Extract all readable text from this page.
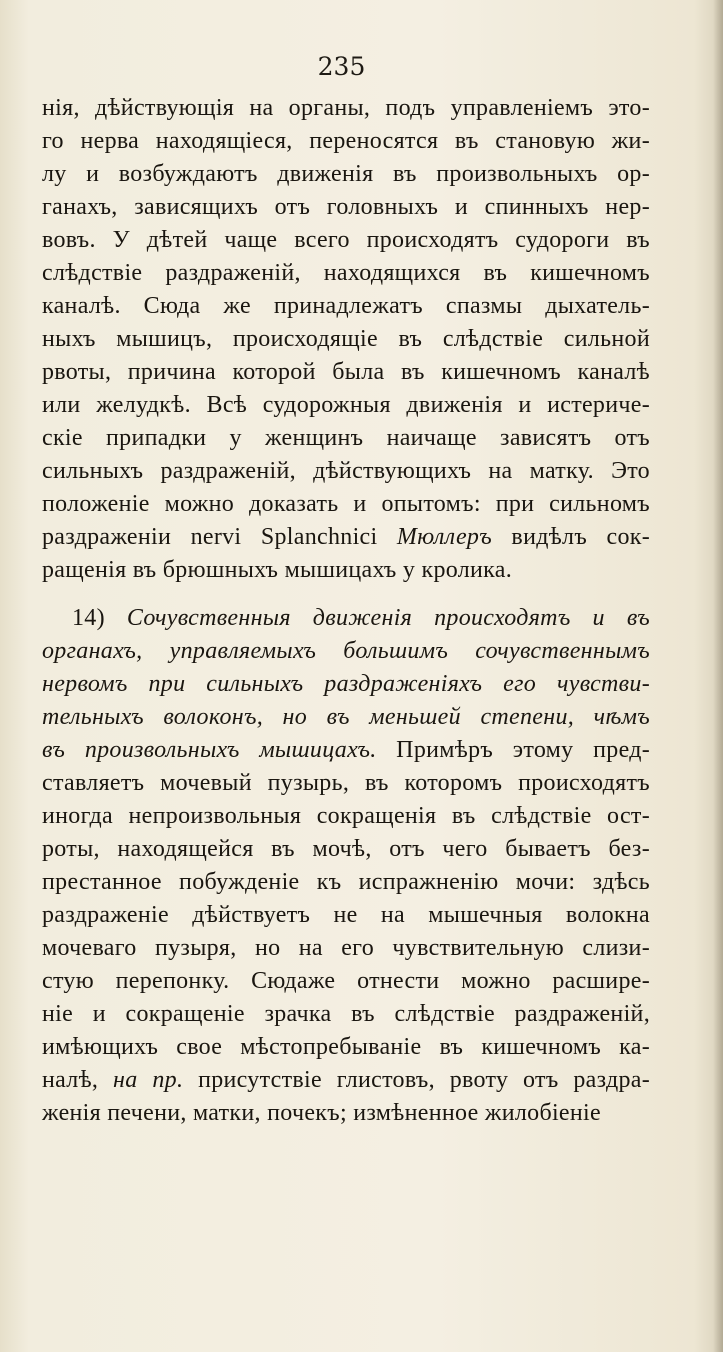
235
нія, дѣйствующія на органы, подъ управленіемъ это-
го нерва находящіеся, переносятся въ становую жи-
лу и возбуждаютъ движенія въ произвольныхъ ор-
ганахъ, зависящихъ отъ головныхъ и спинныхъ нер-
вовъ. У дѣтей чаще всего происходятъ судороги въ
слѣдствіе раздраженій, находящихся въ кишечномъ
каналѣ. Сюда же принадлежатъ спазмы дыхатель-
ныхъ мышицъ, происходящіе въ слѣдствіе сильной
рвоты, причина которой была въ кишечномъ каналѣ
или желудкѣ. Всѣ судорожныя движенія и истериче-
скіе припадки у женщинъ наичаще зависятъ отъ
сильныхъ раздраженій, дѣйствующихъ на матку. Это
положеніе можно доказать и опытомъ: при сильномъ
раздраженіи nervi Splanchnici Мюллеръ видѣлъ сок-
ращенія въ брюшныхъ мышицахъ у кролика.
14) Сочувственныя движенія происходятъ и въ
органахъ, управляемыхъ большимъ сочувственнымъ
нервомъ при сильныхъ раздраженіяхъ его чувстви-
тельныхъ волоконъ, но въ меньшей степени, чѣмъ
въ произвольныхъ мышицахъ. Примѣръ этому пред-
ставляетъ мочевый пузырь, въ которомъ происходятъ
иногда непроизвольныя сокращенія въ слѣдствіе ост-
роты, находящейся въ мочѣ, отъ чего бываетъ без-
престанное побужденіе къ испражненію мочи: здѣсь
раздраженіе дѣйствуетъ не на мышечныя волокна
мочеваго пузыря, но на его чувствительную слизи-
стую перепонку. Сюдаже отнести можно расшире-
ніе и сокращеніе зрачка въ слѣдствіе раздраженій,
имѣющихъ свое мѣстопребываніе въ кишечномъ ка-
налѣ, на пр. присутствіе глистовъ, рвоту отъ раздра-
женія печени, матки, почекъ; измѣненное жилобіеніе
